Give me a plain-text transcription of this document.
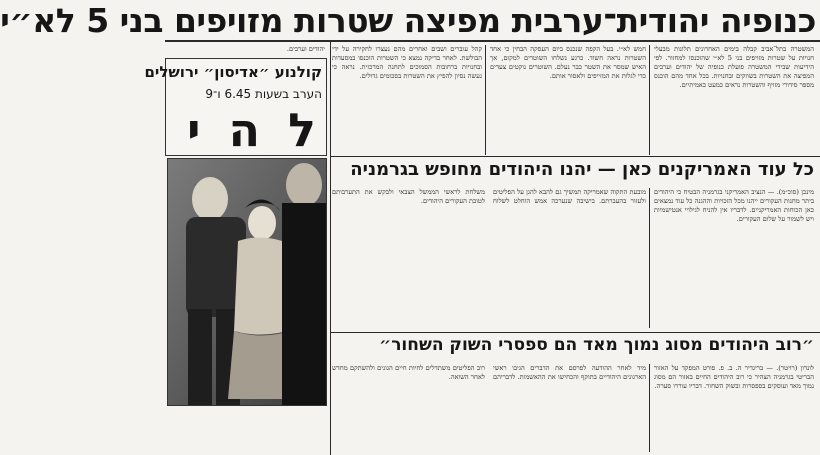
כנופיה יהודית־ערבית מפיצה שטרות מזויפים בני 5 לא״י

המשטרה בתל־אביב קבלה בימים האחרונים תלונות מבעלי חנויות על שטרות מזויפים בני 5 לא״י שהוכנסו למחזור. לפי הידיעות שבידי המשטרה פועלת כנופיה של יהודים וערבים המפיצה את השטרות בשווקים ובחנויות. בכל אחד מהם הוכנס מספר סידורי מזויף והשטרות נראים כמעט כאמיתיים.

חמש לא״י. בעל הקפה שנכנס ביום העסקה הבחין כי אחד השטרות נראה חשוד. כרגע נשלחו השוטרים למקום, אך האיש שמסר את השטר כבר נעלם. השוטרים נוקטים צעדים כדי לגלות את המזייפים ולאסור אותם.

קהל עוברים ושבים ואחרים מהם נעצרו לחקירה על ידי הבולשת. לאחר בדיקה נמצא כי השטרות הוכנסו במסעדות ובחנויות ברחובות הסמוכים לתחנה המרכזית. נראה כי נעשה נסיון להפיץ את השטרות בסכומים גדולים.

יהודים וערבים.
קולנוע ״אדיסון״ ירושלים
הערב בשעות 6.45 ו־9
ל ה י
כל עוד האמריקנים כאן — יהנו היהודים מחופש בגרמניה

מינכן (סוכ״מ). — הנציב האמריקני בגרמניה הבטיח כי היהודים ביתר מחנות העקורים ייהנו מכל הזכויות וההגנה כל עוד נמצאים כאן הכוחות האמריקניים. לדבריו אין להניח לגילויי אנטישמיות ויש לשמור על שלום העקורים.

מובעת התקוה שאמריקה תמשיך גם להבא להגן על הפליטים ולעזור בהעברתם. בישיבה שנערכה אמש הוחלט לשלוח משלחת לראשי הממשל הצבאי ולבקש את התערבותם לטובת העקורים היהודים.

״רוב היהודים מסוג נמוך מאד הם ספסרי השוק השחור״

לונדון (רויטר). — בריגדיר ה. ב. פ. פורט המפקד על האזור הבריטי בגרמניה הצהיר כי רוב היהודים החיים באזור הם מסוג נמוך מאד ועוסקים בספסרות ובשוק השחור. דבריו עוררו סערה.

מיד לאחר ההודעה לפרסם את הדברים הגיבו ראשי הארגונים היהודיים בתוקף והכחישו את ההאשמות. לדבריהם רוב הפליטים משתדלים לחיות חיים הגונים ולהשתקם מחדש לאחר השואה.
